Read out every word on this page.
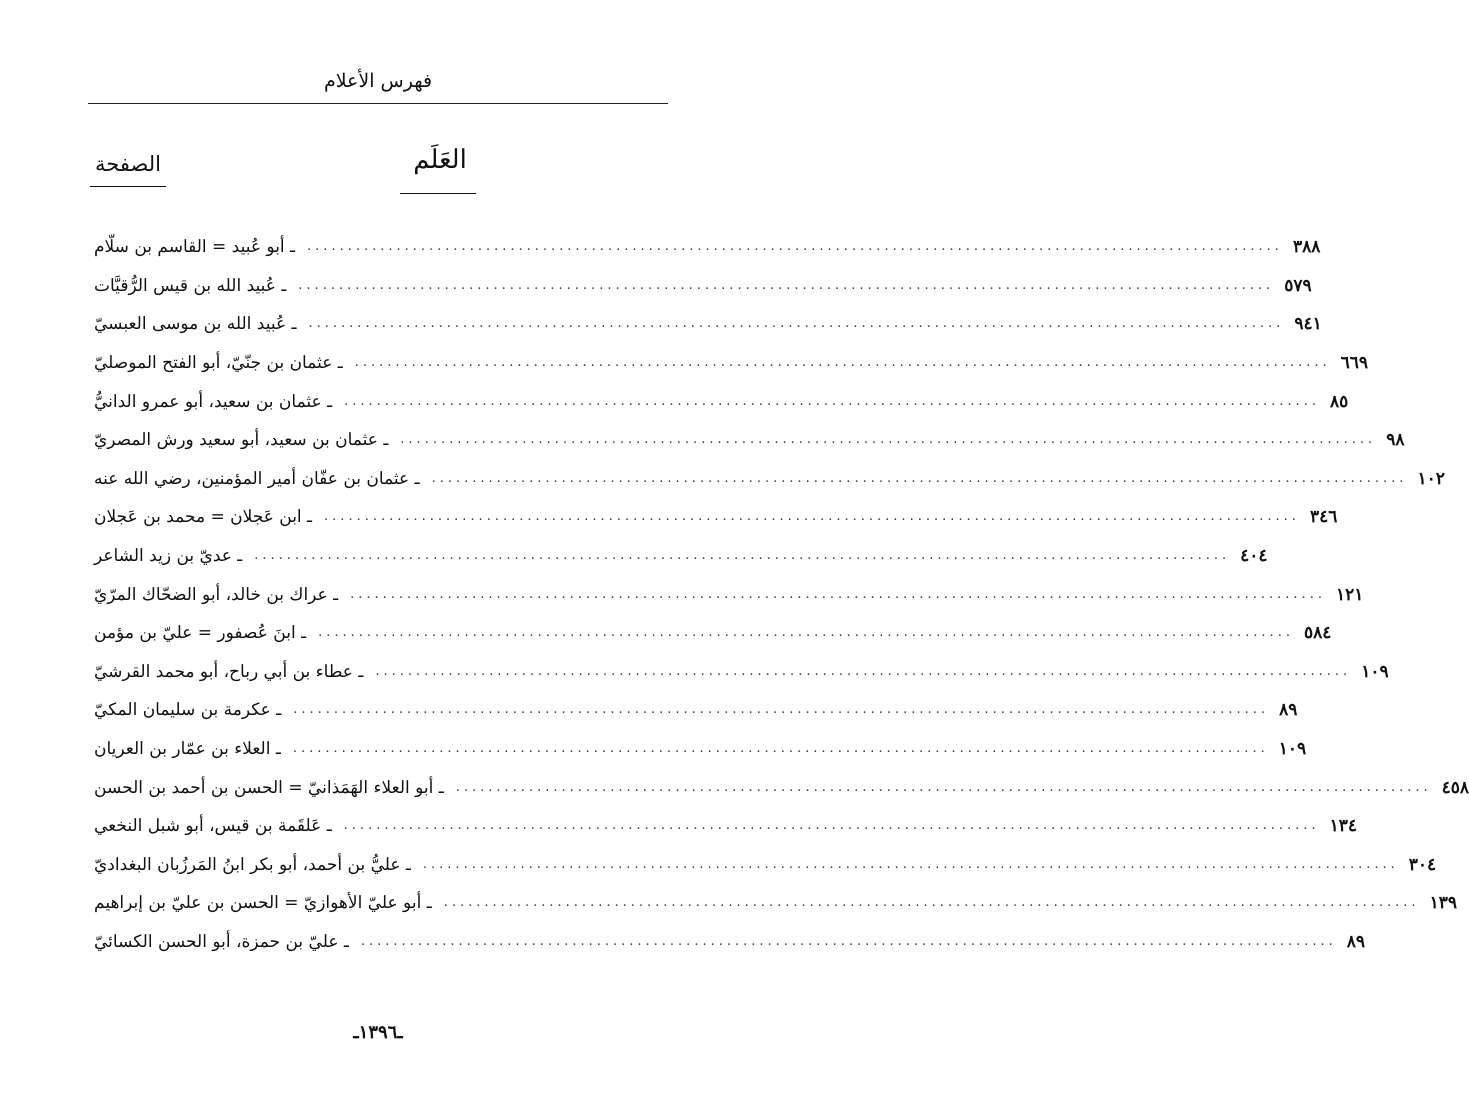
فهرس الأعلام
العَلَم
الصفحة
ـ أبو عُبيد = القاسم بن سلّام ........................................................................................................................ ٣٨٨
ـ عُبيد الله بن قيس الرُّقيَّات ........................................................................................................................ ٥٧٩
ـ عُبيد الله بن موسى العبسيّ ........................................................................................................................ ٩٤١
ـ عثمان بن جنّيّ، أبو الفتح الموصليّ ........................................................................................................................ ٦٦٩
ـ عثمان بن سعيد، أبو عمرو الدانيُّ ........................................................................................................................ ٨٥
ـ عثمان بن سعيد، أبو سعيد ورش المصريّ ........................................................................................................................ ٩٨
ـ عثمان بن عفّان أمير المؤمنين، رضي الله عنه ........................................................................................................................ ١٠٢
ـ ابن عَجلان = محمد بن عَجلان ........................................................................................................................ ٣٤٦
ـ عديّ بن زيد الشاعر ........................................................................................................................ ٤٠٤
ـ عراك بن خالد، أبو الضحّاك المرّيّ ........................................................................................................................ ١٢١
ـ ابنَ عُصفور = عليّ بن مؤمن ........................................................................................................................ ٥٨٤
ـ عطاء بن أبي رباح، أبو محمد القرشيّ ........................................................................................................................ ١٠٩
ـ عكرمة بن سليمان المكيّ ........................................................................................................................ ٨٩
ـ العلاء بن عمّار بن العريان ........................................................................................................................ ١٠٩
ـ أبو العلاء الهَمَذانيّ = الحسن بن أحمد بن الحسن ........................................................................................................................ ٤٥٨
ـ عَلقَمة بن قيس، أبو شبل النخعي ........................................................................................................................ ١٣٤
ـ عليُّ بن أحمد، أبو بكر ابنُ المَرزُبان البغداديّ ........................................................................................................................ ٣٠٤
ـ أبو عليّ الأهوازيّ = الحسن بن عليّ بن إبراهيم ........................................................................................................................ ١٣٩
ـ عليّ بن حمزة، أبو الحسن الكسائيّ ........................................................................................................................ ٨٩
ـ١٣٩٦ـ
